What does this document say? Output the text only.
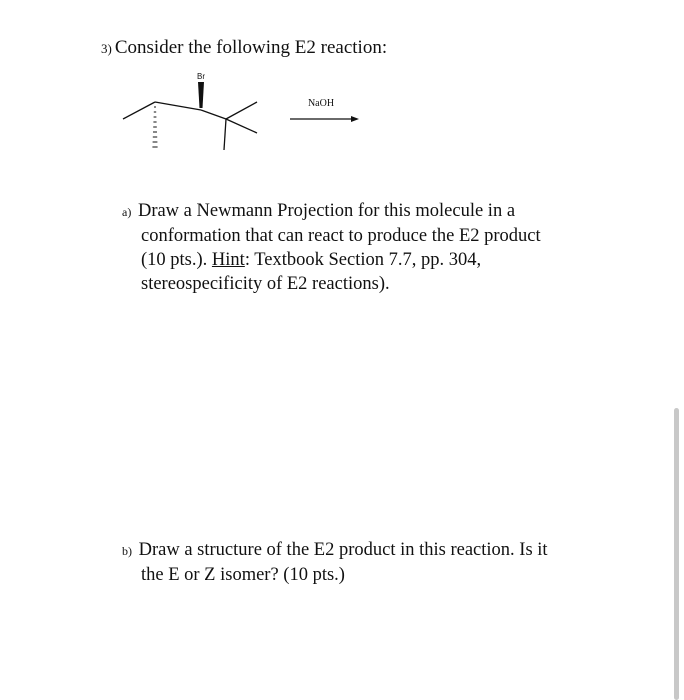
3) Consider the following E2 reaction:
Br
NaOH
a) Draw a Newmann Projection for this molecule in a
conformation that can react to produce the E2 product
(10 pts.). Hint: Textbook Section 7.7, pp. 304,
stereospecificity of E2 reactions).
b) Draw a structure of the E2 product in this reaction. Is it
the E or Z isomer? (10 pts.)
